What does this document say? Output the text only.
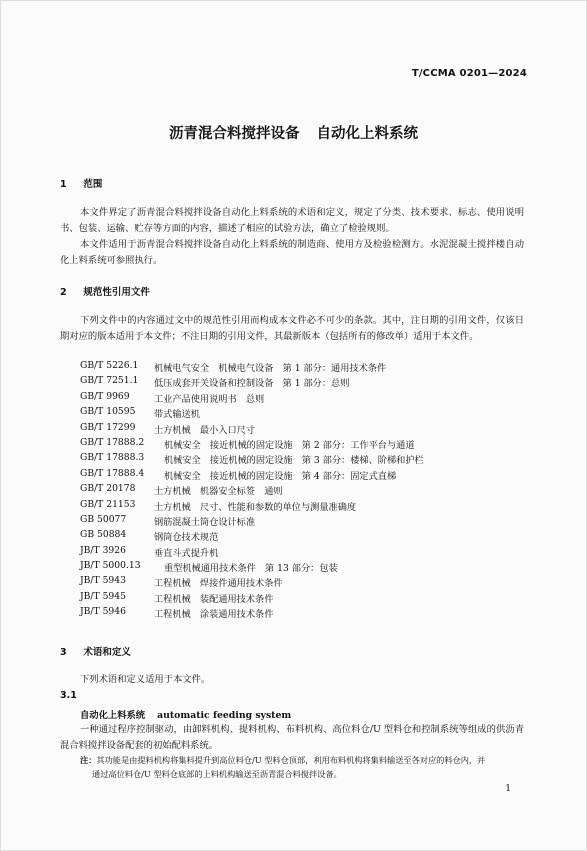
T/CCMA 0201—2024
沥青混合料搅拌设备 自动化上料系统
1 范围
本文件界定了沥青混合料搅拌设备自动化上料系统的术语和定义，规定了分类、技术要求、标志、使用说明书、包装、运输、贮存等方面的内容，描述了相应的试验方法，确立了检验规则。
本文件适用于沥青混合料搅拌设备自动化上料系统的制造商、使用方及检验检测方。水泥混凝土搅拌楼自动化上料系统可参照执行。
2 规范性引用文件
下列文件中的内容通过文中的规范性引用而构成本文件必不可少的条款。其中，注日期的引用文件，仅该日期对应的版本适用于本文件；不注日期的引用文件，其最新版本（包括所有的修改单）适用于本文件。
GB/T 5226.1	机械电气安全　机械电气设备　第 1 部分：通用技术条件
GB/T 7251.1	低压成套开关设备和控制设备　第 1 部分：总则
GB/T 9969	工业产品使用说明书　总则
GB/T 10595	带式输送机
GB/T 17299	土方机械　最小入口尺寸
GB/T 17888.2	机械安全　接近机械的固定设施　第 2 部分：工作平台与通道
GB/T 17888.3	机械安全　接近机械的固定设施　第 3 部分：楼梯、阶梯和护栏
GB/T 17888.4	机械安全　接近机械的固定设施　第 4 部分：固定式直梯
GB/T 20178	土方机械　机器安全标签　通则
GB/T 21153	土方机械　尺寸、性能和参数的单位与测量准确度
GB 50077	钢筋混凝土筒仓设计标准
GB 50884	钢筒仓技术规范
JB/T 3926	垂直斗式提升机
JB/T 5000.13	重型机械通用技术条件　第 13 部分：包装
JB/T 5943	工程机械　焊接件通用技术条件
JB/T 5945	工程机械　装配通用技术条件
JB/T 5946	工程机械　涂装通用技术条件
3 术语和定义
下列术语和定义适用于本文件。
3.1
自动化上料系统 automatic feeding system
一种通过程序控制驱动，由卸料机构、提料机构、布料机构、高位料仓/U 型料仓和控制系统等组成的供沥青混合料搅拌设备配套的初始配料系统。
注：其功能是由提料机构将集料提升到高位料仓/U 型料仓顶部，利用布料机构将集料输送至各对应的料仓内，并
通过高位料仓/U 型料仓底部的上料机构输送至沥青混合料搅拌设备。
1
